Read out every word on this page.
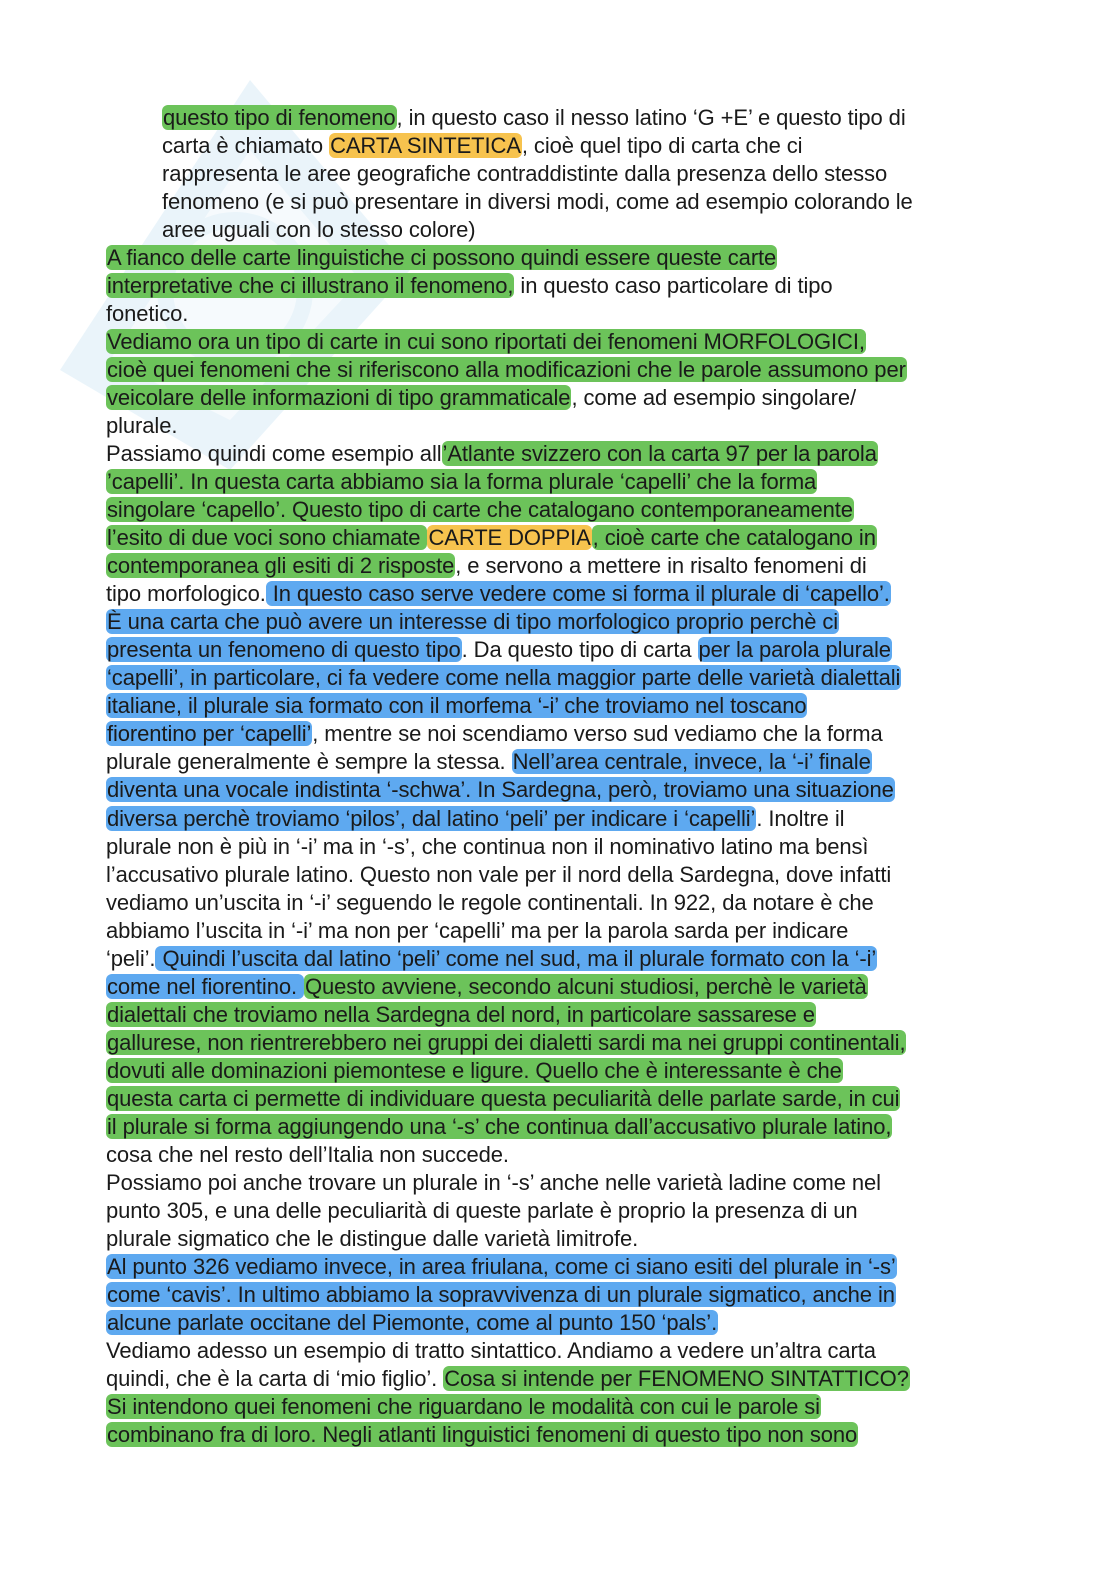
questo tipo di fenomeno, in questo caso il nesso latino ‘G +E’ e questo tipo di
carta è chiamato CARTA SINTETICA, cioè quel tipo di carta che ci
rappresenta le aree geografiche contraddistinte dalla presenza dello stesso
fenomeno (e si può presentare in diversi modi, come ad esempio colorando le
aree uguali con lo stesso colore)
A fianco delle carte linguistiche ci possono quindi essere queste carte
interpretative che ci illustrano il fenomeno, in questo caso particolare di tipo
fonetico.
Vediamo ora un tipo di carte in cui sono riportati dei fenomeni MORFOLOGICI,
cioè quei fenomeni che si riferiscono alla modificazioni che le parole assumono per
veicolare delle informazioni di tipo grammaticale, come ad esempio singolare/
plurale.
Passiamo quindi come esempio all’Atlante svizzero con la carta 97 per la parola
’capelli’. In questa carta abbiamo sia la forma plurale ‘capelli’ che la forma
singolare ‘capello’. Questo tipo di carte che catalogano contemporaneamente
l’esito di due voci sono chiamate CARTE DOPPIA, cioè carte che catalogano in
contemporanea gli esiti di 2 risposte, e servono a mettere in risalto fenomeni di
tipo morfologico. In questo caso serve vedere come si forma il plurale di ‘capello’.
È una carta che può avere un interesse di tipo morfologico proprio perchè ci
presenta un fenomeno di questo tipo. Da questo tipo di carta per la parola plurale
‘capelli’, in particolare, ci fa vedere come nella maggior parte delle varietà dialettali
italiane, il plurale sia formato con il morfema ‘-i’ che troviamo nel toscano
fiorentino per ‘capelli’, mentre se noi scendiamo verso sud vediamo che la forma
plurale generalmente è sempre la stessa. Nell’area centrale, invece, la ‘-i’ finale
diventa una vocale indistinta ‘-schwa’. In Sardegna, però, troviamo una situazione
diversa perchè troviamo ‘pilos’, dal latino ‘peli’ per indicare i ‘capelli’. Inoltre il
plurale non è più in ‘-i’ ma in ‘-s’, che continua non il nominativo latino ma bensì
l’accusativo plurale latino. Questo non vale per il nord della Sardegna, dove infatti
vediamo un’uscita in ‘-i’ seguendo le regole continentali. In 922, da notare è che
abbiamo l’uscita in ‘-i’ ma non per ‘capelli’ ma per la parola sarda per indicare
‘peli’. Quindi l’uscita dal latino ‘peli’ come nel sud, ma il plurale formato con la ‘-i’
come nel fiorentino. Questo avviene, secondo alcuni studiosi, perchè le varietà
dialettali che troviamo nella Sardegna del nord, in particolare sassarese e
gallurese, non rientrerebbero nei gruppi dei dialetti sardi ma nei gruppi continentali,
dovuti alle dominazioni piemontese e ligure. Quello che è interessante è che
questa carta ci permette di individuare questa peculiarità delle parlate sarde, in cui
il plurale si forma aggiungendo una ‘-s’ che continua dall’accusativo plurale latino,
cosa che nel resto dell’Italia non succede.
Possiamo poi anche trovare un plurale in ‘-s’ anche nelle varietà ladine come nel
punto 305, e una delle peculiarità di queste parlate è proprio la presenza di un
plurale sigmatico che le distingue dalle varietà limitrofe.
Al punto 326 vediamo invece, in area friulana, come ci siano esiti del plurale in ‘-s’
come ‘cavis’. In ultimo abbiamo la sopravvivenza di un plurale sigmatico, anche in
alcune parlate occitane del Piemonte, come al punto 150 ‘pals’.
Vediamo adesso un esempio di tratto sintattico. Andiamo a vedere un’altra carta
quindi, che è la carta di ‘mio figlio’. Cosa si intende per FENOMENO SINTATTICO?
Si intendono quei fenomeni che riguardano le modalità con cui le parole si
combinano fra di loro. Negli atlanti linguistici fenomeni di questo tipo non sono
